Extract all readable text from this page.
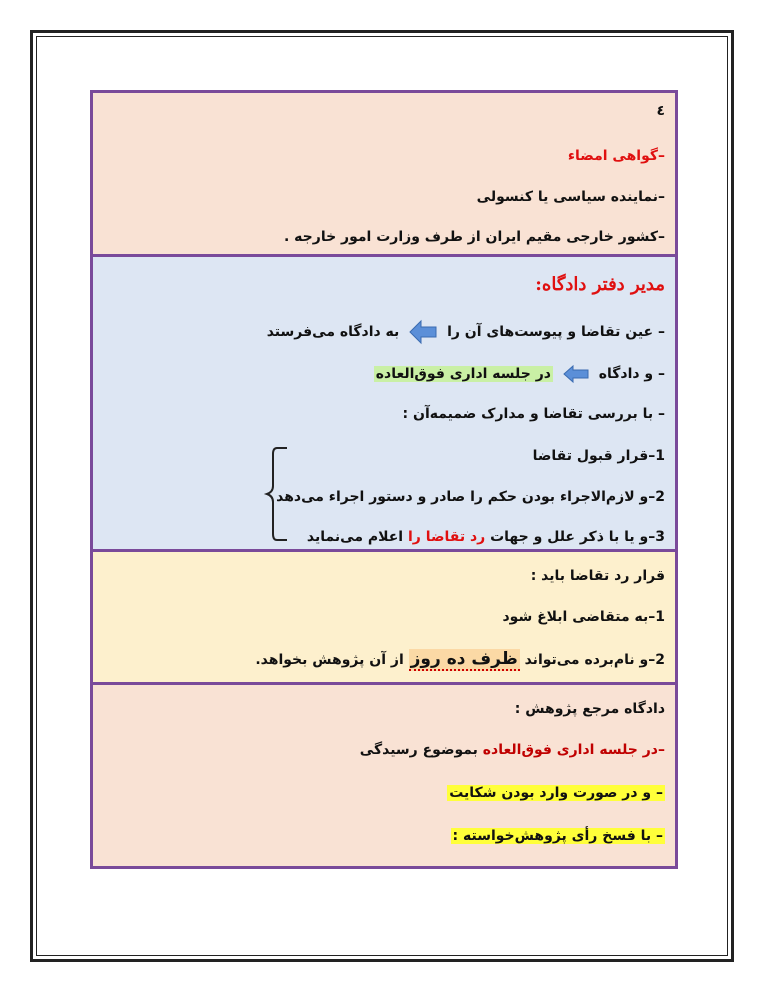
٤
–گواهی امضاء
–نماینده سیاسی یا کنسولی
–کشور خارجی مقیم ایران از طرف وزارت امور خارجه .
مدیر دفتر دادگاه:
– عین تقاضا و پیوست‌های آن را  به دادگاه می‌فرستد
– و دادگاه  در جلسه اداری فوق‌العاده
– با بررسی تقاضا و مدارک ضمیمه‌آن :
1–قرار قبول تقاضا
2–و لازم‌الاجراء بودن حکم را صادر و دستور اجراء می‌دهد
3–و یا با ذکر علل و جهات رد تقاضا را اعلام می‌نماید
قرار رد تقاضا باید :
1–به متقاضی ابلاغ شود
2–و نام‌برده می‌تواند ظرف ده روز از آن پژوهش بخواهد.
دادگاه مرجع پژوهش :
–در جلسه اداری فوق‌العاده بموضوع رسیدگی
– و در صورت وارد بودن شکایت
– با فسخ رأی پژوهش‌خواسته :
